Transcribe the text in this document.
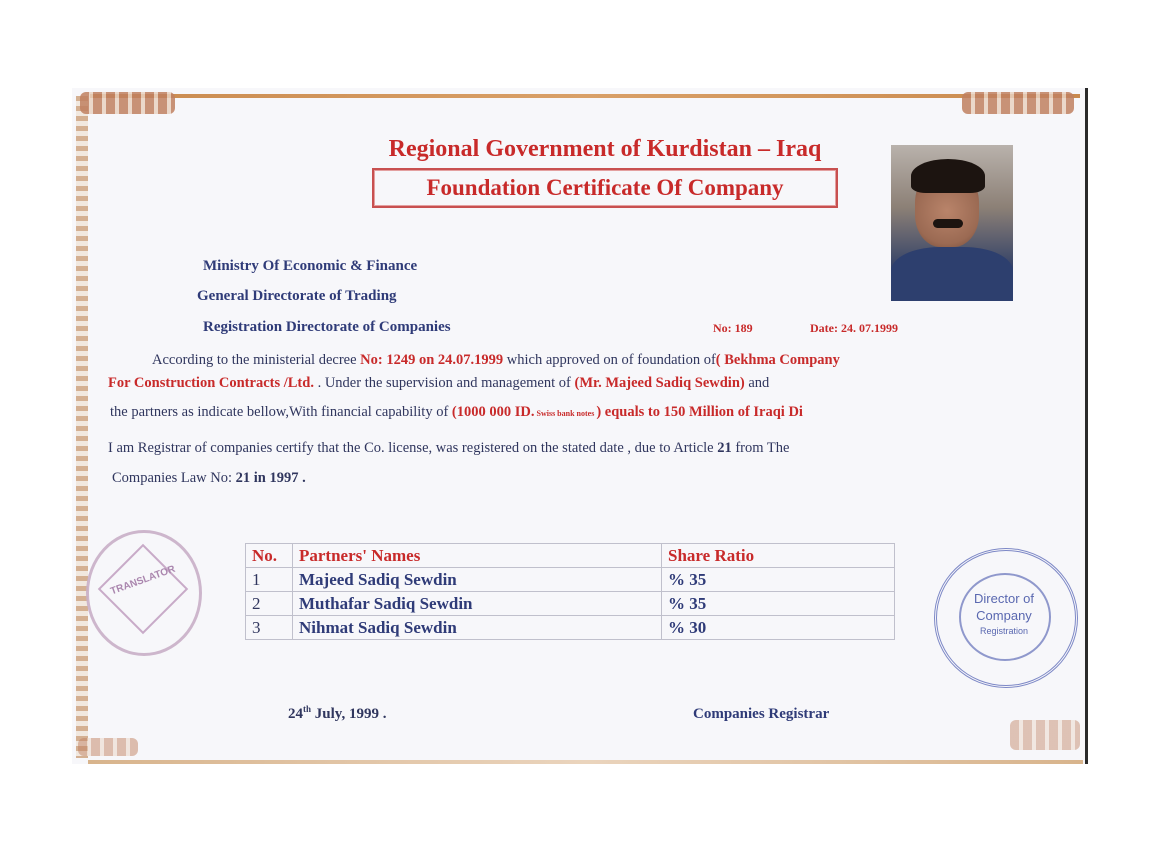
Regional Government of Kurdistan – Iraq
Foundation Certificate Of Company
Ministry Of Economic & Finance
General Directorate of Trading
Registration Directorate of Companies	No: 189	Date: 24. 07.1999
According to the ministerial decree No: 1249 on 24.07.1999 which approved on of foundation of( Bekhma Company
For Construction Contracts /Ltd. . Under the supervision and management of (Mr. Majeed Sadiq Sewdin) and
the partners as indicate bellow,With financial capability of (1000 000 ID. Swiss bank notes ) equals to 150 Million of Iraqi Di
I am Registrar of companies certify that the Co. license, was registered on the stated date , due to Article 21 from The
Companies Law No: 21 in 1997 .
No.	Partners' Names	Share Ratio
1	Majeed Sadiq Sewdin	% 35
2	Muthafar Sadiq Sewdin	% 35
3	Nihmat Sadiq Sewdin	% 30
TRANSLATOR
Director of
Company
Registration
24th July, 1999 .	Companies Registrar
